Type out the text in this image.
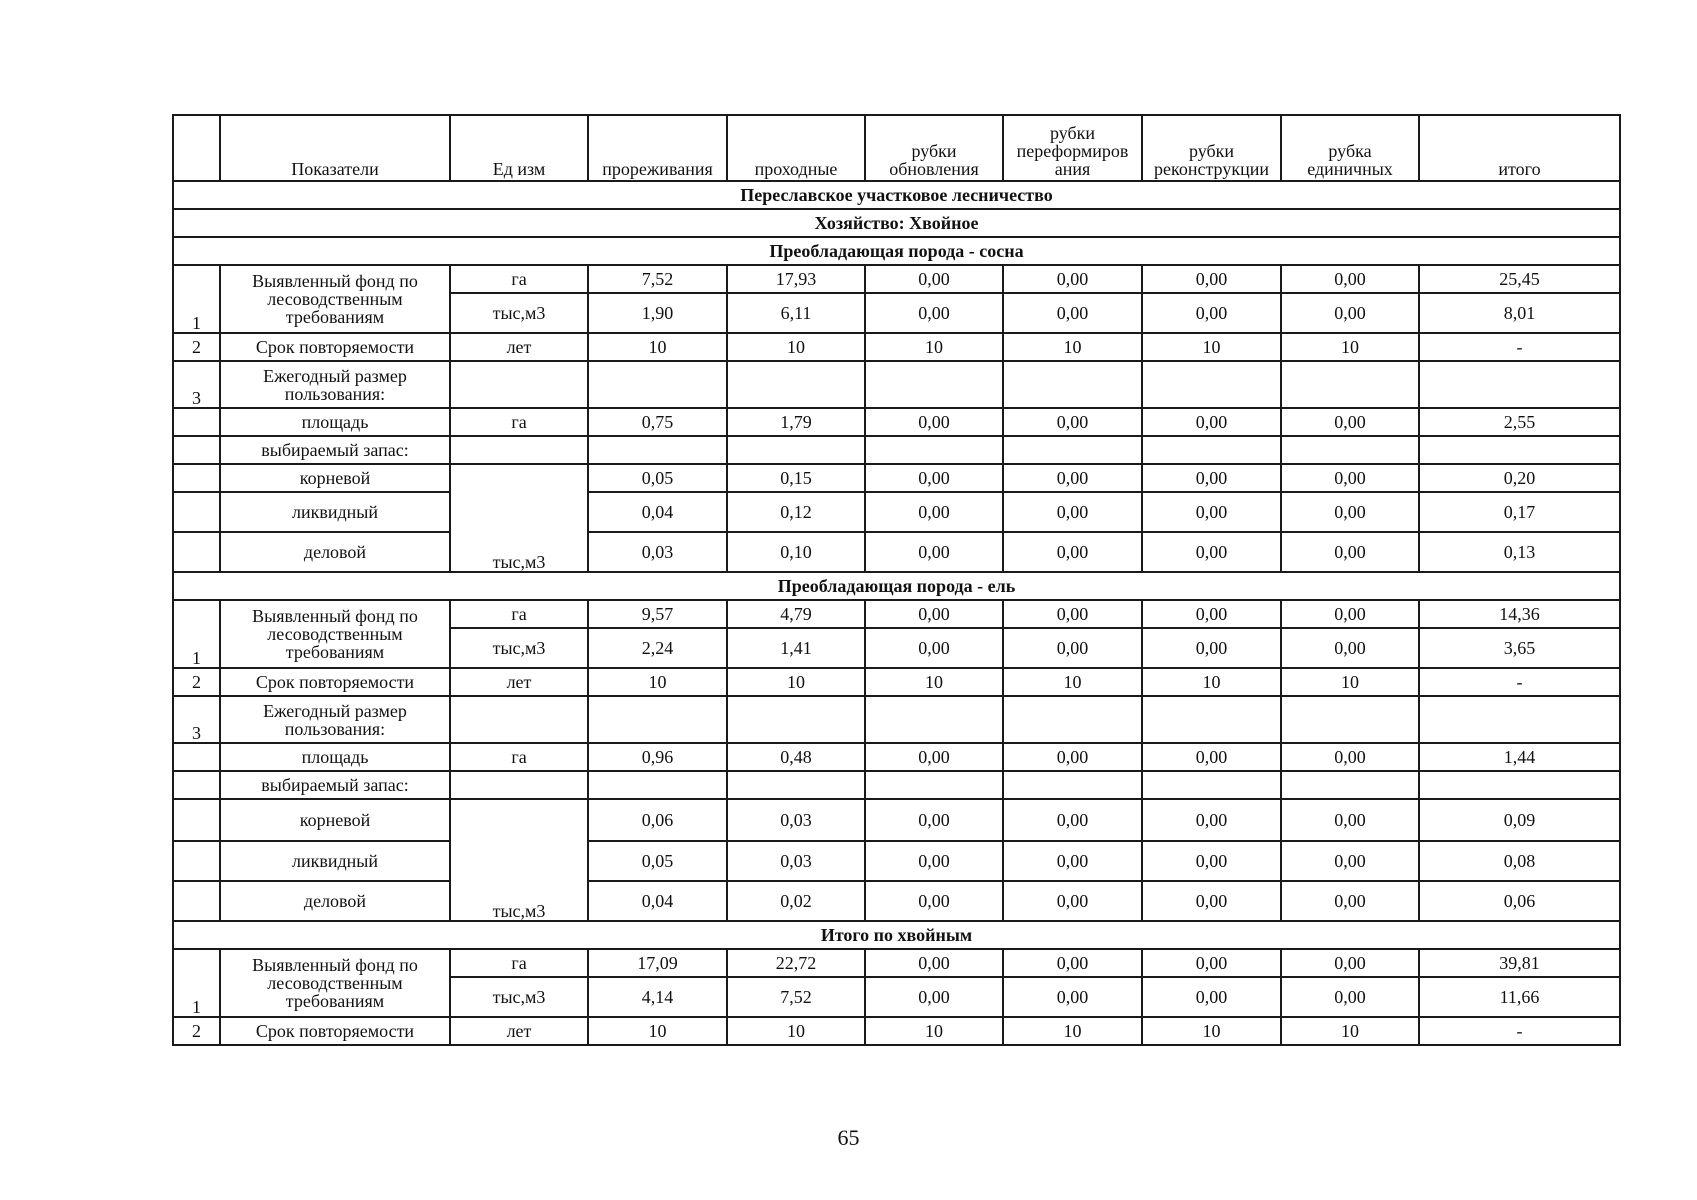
	Показатели	Ед изм	прореживания	проходные	рубки обновления	рубки переформиров ания	рубки реконструкции	рубка единичных	итого
Переславское участковое лесничество									
Хозяйство: Хвойное									
Преобладающая порода - сосна									
1	Выявленный фонд по лесоводственным требованиям	га	7,52	17,93	0,00	0,00	0,00	0,00	25,45
		тыс,м3	1,90	6,11	0,00	0,00	0,00	0,00	8,01
2	Срок повторяемости	лет	10	10	10	10	10	10	-
3	Ежегодный размер пользования:								
	площадь	га	0,75	1,79	0,00	0,00	0,00	0,00	2,55
	выбираемый запас:								
	корневой	тыс,м3	0,05	0,15	0,00	0,00	0,00	0,00	0,20
	ликвидный		0,04	0,12	0,00	0,00	0,00	0,00	0,17
	деловой		0,03	0,10	0,00	0,00	0,00	0,00	0,13
Преобладающая порода - ель									
1	Выявленный фонд по лесоводственным требованиям	га	9,57	4,79	0,00	0,00	0,00	0,00	14,36
		тыс,м3	2,24	1,41	0,00	0,00	0,00	0,00	3,65
2	Срок повторяемости	лет	10	10	10	10	10	10	-
3	Ежегодный размер пользования:								
	площадь	га	0,96	0,48	0,00	0,00	0,00	0,00	1,44
	выбираемый запас:								
	корневой	тыс,м3	0,06	0,03	0,00	0,00	0,00	0,00	0,09
	ликвидный		0,05	0,03	0,00	0,00	0,00	0,00	0,08
	деловой		0,04	0,02	0,00	0,00	0,00	0,00	0,06
Итого по хвойным									
1	Выявленный фонд по лесоводственным требованиям	га	17,09	22,72	0,00	0,00	0,00	0,00	39,81
		тыс,м3	4,14	7,52	0,00	0,00	0,00	0,00	11,66
2	Срок повторяемости	лет	10	10	10	10	10	10	-
65
